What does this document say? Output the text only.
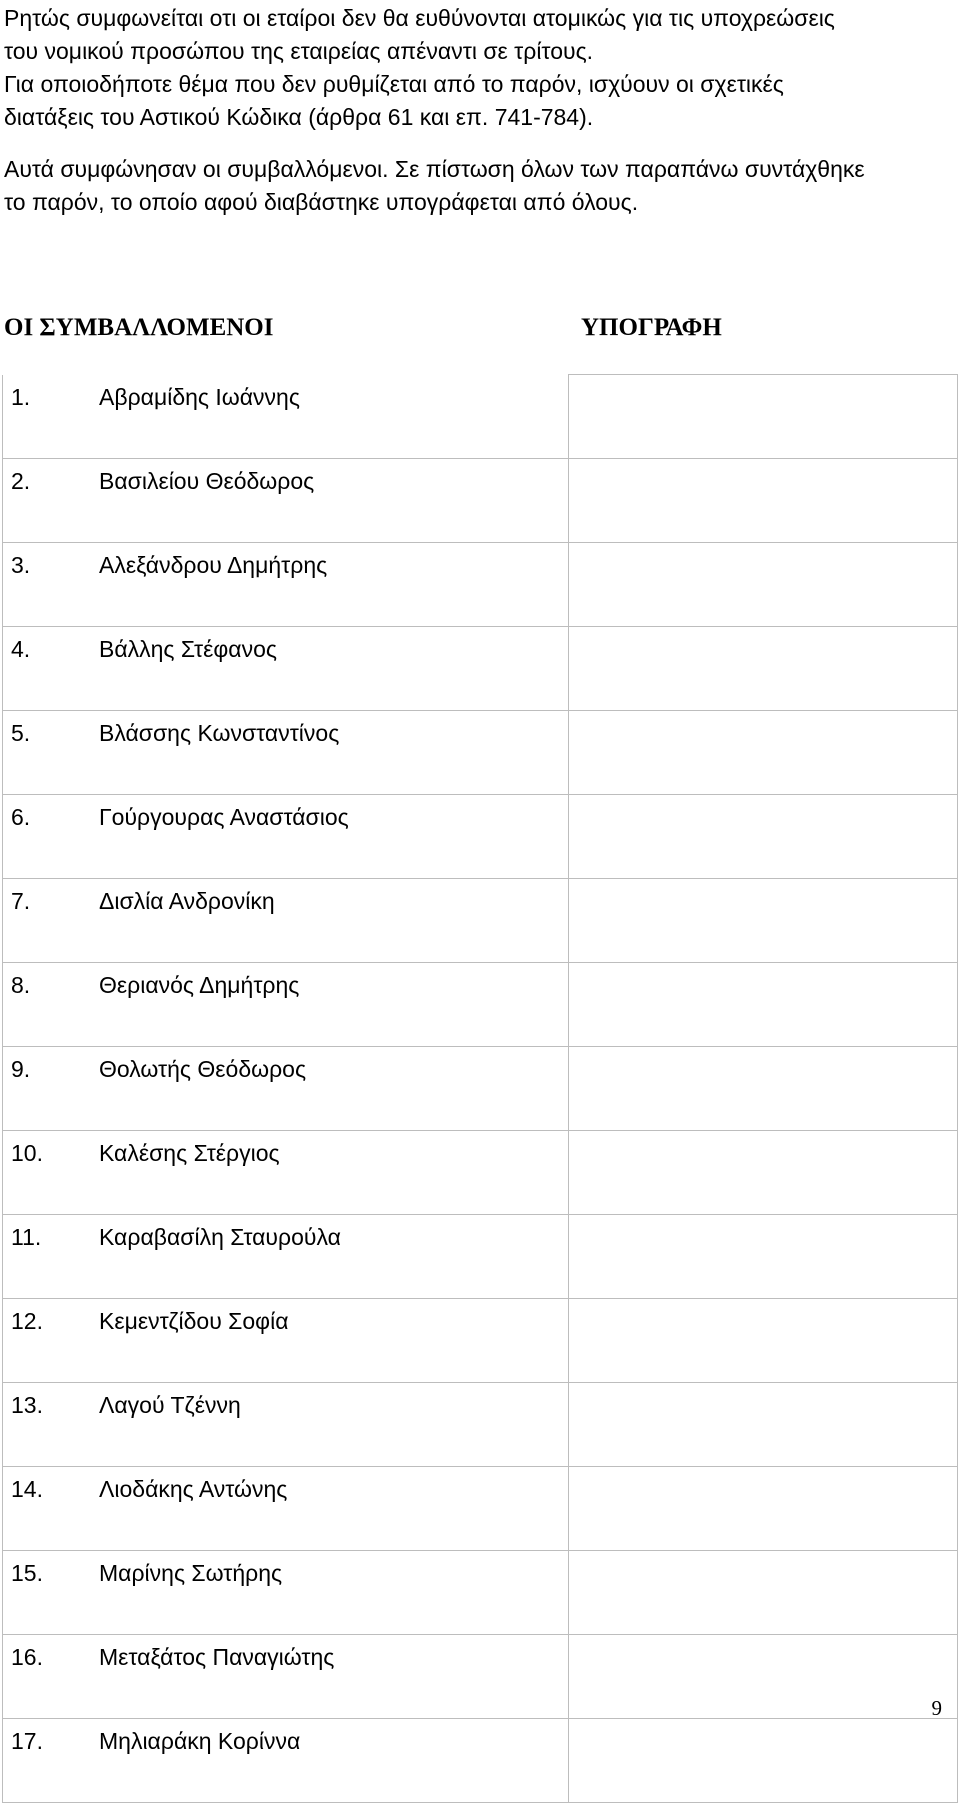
Ρητώς συμφωνείται οτι οι εταίροι δεν θα ευθύνονται ατομικώς για τις υποχρεώσεις
του νομικού προσώπου της εταιρείας απέναντι σε τρίτους.
Για οποιοδήποτε θέμα που δεν ρυθμίζεται από το παρόν, ισχύουν οι σχετικές
διατάξεις του Αστικού Κώδικα (άρθρα 61 και επ. 741-784).
Αυτά συμφώνησαν οι συμβαλλόμενοι. Σε πίστωση όλων των παραπάνω συντάχθηκε
το παρόν, το οποίο αφού διαβάστηκε υπογράφεται από όλους.
ΟΙ ΣΥΜΒΑΛΛΟΜΕΝΟΙ	ΥΠΟΓΡΑΦΗ
1.	Αβραμίδης Ιωάννης	
2.	Βασιλείου Θεόδωρος	
3.	Αλεξάνδρου Δημήτρης	
4.	Βάλλης Στέφανος	
5.	Βλάσσης Κωνσταντίνος	
6.	Γούργουρας Αναστάσιος	
7.	Δισλία Ανδρονίκη	
8.	Θεριανός Δημήτρης	
9.	Θολωτής Θεόδωρος	
10.	Καλέσης Στέργιος	
11.	Καραβασίλη Σταυρούλα	
12.	Κεμεντζίδου Σοφία	
13.	Λαγού Τζέννη	
14.	Λιοδάκης Αντώνης	
15.	Μαρίνης Σωτήρης	
16.	Μεταξάτος Παναγιώτης	
17.	Μηλιαράκη Κορίννα	
9
